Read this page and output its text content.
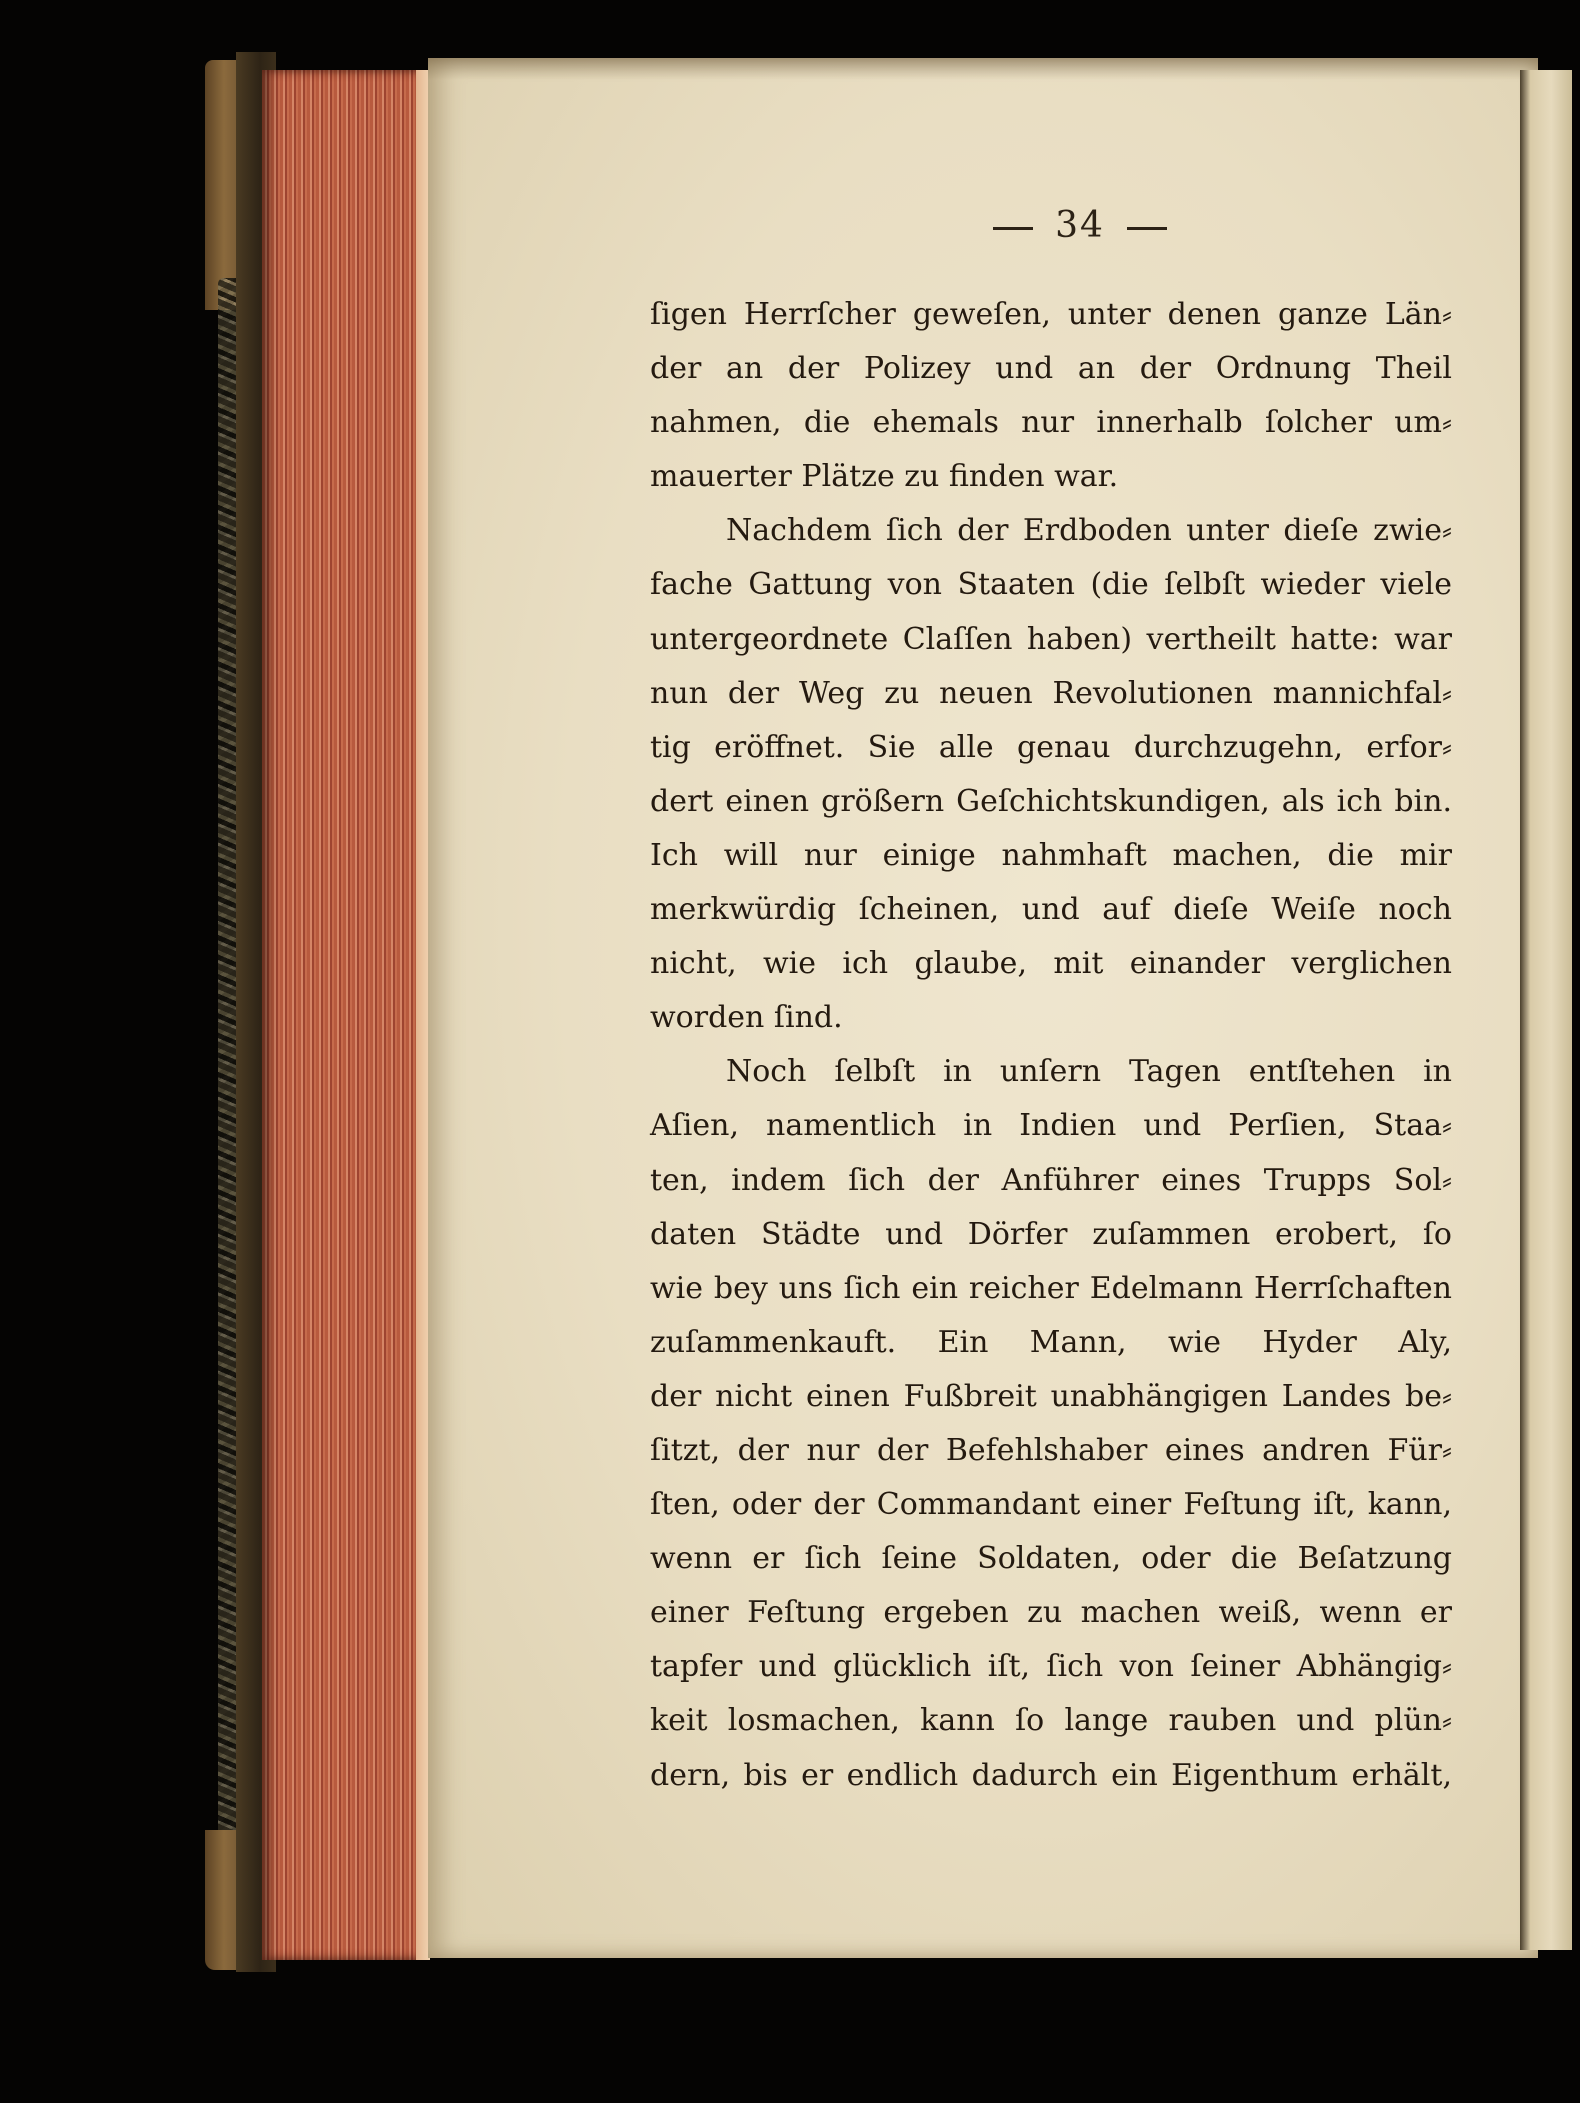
34
ſigen Herrſcher geweſen, unter denen ganze Län⸗
der an der Polizey und an der Ordnung Theil
nahmen, die ehemals nur innerhalb ſolcher um⸗
mauerter Plätze zu finden war.
Nachdem ſich der Erdboden unter dieſe zwie⸗
fache Gattung von Staaten (die ſelbſt wieder viele
untergeordnete Claſſen haben) vertheilt hatte: war
nun der Weg zu neuen Revolutionen mannichfal⸗
tig eröffnet. Sie alle genau durchzugehn, erfor⸗
dert einen größern Geſchichtskundigen, als ich bin.
Ich will nur einige nahmhaft machen, die mir
merkwürdig ſcheinen, und auf dieſe Weiſe noch
nicht, wie ich glaube, mit einander verglichen
worden ſind.
Noch ſelbſt in unſern Tagen entſtehen in
Aſien, namentlich in Indien und Perſien, Staa⸗
ten, indem ſich der Anführer eines Trupps Sol⸗
daten Städte und Dörfer zuſammen erobert, ſo
wie bey uns ſich ein reicher Edelmann Herrſchaften
zuſammenkauft. Ein Mann, wie Hyder Aly,
der nicht einen Fußbreit unabhängigen Landes be⸗
ſitzt, der nur der Befehlshaber eines andren Für⸗
ſten, oder der Commandant einer Feſtung iſt, kann,
wenn er ſich ſeine Soldaten, oder die Beſatzung
einer Feſtung ergeben zu machen weiß, wenn er
tapfer und glücklich iſt, ſich von ſeiner Abhängig⸗
keit losmachen, kann ſo lange rauben und plün⸗
dern, bis er endlich dadurch ein Eigenthum erhält,
